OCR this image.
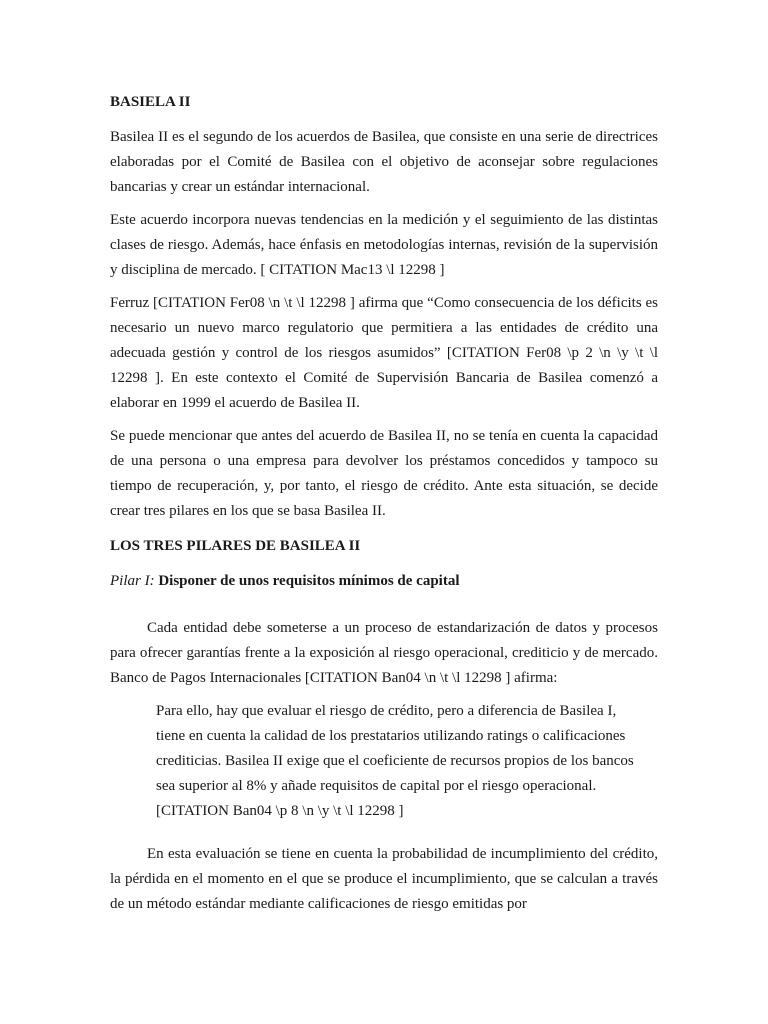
BASIELA II

Basilea II es el segundo de los acuerdos de Basilea, que consiste en una serie de directrices elaboradas por el Comité de Basilea con el objetivo de aconsejar sobre regulaciones bancarias y crear un estándar internacional.

Este acuerdo incorpora nuevas tendencias en la medición y el seguimiento de las distintas clases de riesgo. Además, hace énfasis en metodologías internas, revisión de la supervisión y disciplina de mercado. [ CITATION Mac13 \l 12298 ]

Ferruz [CITATION Fer08 \n \t \l 12298 ] afirma que “Como consecuencia de los déficits es necesario un nuevo marco regulatorio que permitiera a las entidades de crédito una adecuada gestión y control de los riesgos asumidos” [CITATION Fer08 \p 2 \n \y \t \l 12298 ]. En este contexto el Comité de Supervisión Bancaria de Basilea comenzó a elaborar en 1999 el acuerdo de Basilea II.

Se puede mencionar que antes del acuerdo de Basilea II, no se tenía en cuenta la capacidad de una persona o una empresa para devolver los préstamos concedidos y tampoco su tiempo de recuperación, y, por tanto, el riesgo de crédito. Ante esta situación, se decide crear tres pilares en los que se basa Basilea II.

LOS TRES PILARES DE BASILEA II
Pilar I: Disponer de unos requisitos mínimos de capital

Cada entidad debe someterse a un proceso de estandarización de datos y procesos para ofrecer garantías frente a la exposición al riesgo operacional, crediticio y de mercado. Banco de Pagos Internacionales [CITATION Ban04 \n \t \l 12298 ] afirma:

Para ello, hay que evaluar el riesgo de crédito, pero a diferencia de Basilea I,
tiene en cuenta la calidad de los prestatarios utilizando ratings o calificaciones
crediticias. Basilea II exige que el coeficiente de recursos propios de los bancos
sea superior al 8% y añade requisitos de capital por el riesgo operacional.
[CITATION Ban04 \p 8 \n \y \t \l 12298 ]

En esta evaluación se tiene en cuenta la probabilidad de incumplimiento del crédito, la pérdida en el momento en el que se produce el incumplimiento, que se calculan a través de un método estándar mediante calificaciones de riesgo emitidas por
